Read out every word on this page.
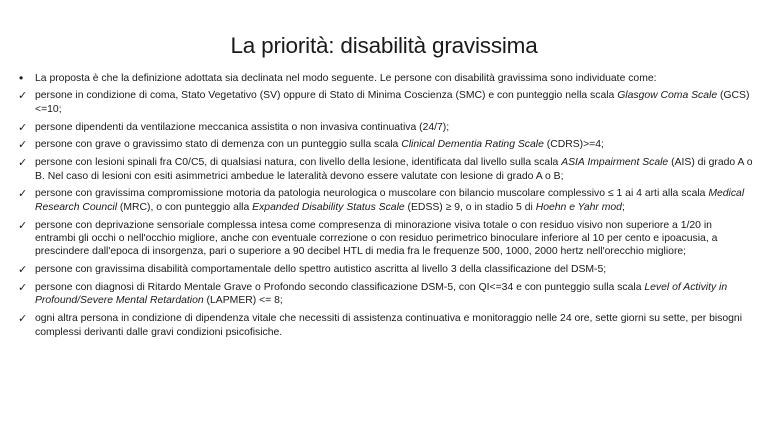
La priorità: disabilità gravissima
•	La proposta è che la definizione adottata sia declinata nel modo seguente. Le persone con disabilità gravissima sono individuate come:
✓ persone in condizione di coma, Stato Vegetativo (SV) oppure di Stato di Minima Coscienza (SMC) e con punteggio nella scala Glasgow Coma Scale (GCS)<=10;
✓ persone dipendenti da ventilazione meccanica assistita o non invasiva continuativa (24/7);
✓ persone con grave o gravissimo stato di demenza con un punteggio sulla scala Clinical Dementia Rating Scale (CDRS)>=4;
✓ persone con lesioni spinali fra C0/C5, di qualsiasi natura, con livello della lesione, identificata dal livello sulla scala ASIA Impairment Scale (AIS) di grado A o B. Nel caso di lesioni con esiti asimmetrici ambedue le lateralità devono essere valutate con lesione di grado A o B;
✓ persone con gravissima compromissione motoria da patologia neurologica o muscolare con bilancio muscolare complessivo ≤ 1 ai 4 arti alla scala Medical Research Council (MRC), o con punteggio alla Expanded Disability Status Scale (EDSS) ≥ 9, o in stadio 5 di Hoehn e Yahr mod;
✓ persone con deprivazione sensoriale complessa intesa come compresenza di minorazione visiva totale o con residuo visivo non superiore a 1/20 in entrambi gli occhi o nell'occhio migliore, anche con eventuale correzione o con residuo perimetrico binoculare inferiore al 10 per cento e ipoacusia, a prescindere dall'epoca di insorgenza, pari o superiore a 90 decibel HTL di media fra le frequenze 500, 1000, 2000 hertz nell'orecchio migliore;
✓ persone con gravissima disabilità comportamentale dello spettro autistico ascritta al livello 3 della classificazione del DSM-5;
✓ persone con diagnosi di Ritardo Mentale Grave o Profondo secondo classificazione DSM-5, con QI<=34 e con punteggio sulla scala Level of Activity in Profound/Severe Mental Retardation (LAPMER) <= 8;
✓ ogni altra persona in condizione di dipendenza vitale che necessiti di assistenza continuativa e monitoraggio nelle 24 ore, sette giorni su sette, per bisogni complessi derivanti dalle gravi condizioni psicofisiche.
